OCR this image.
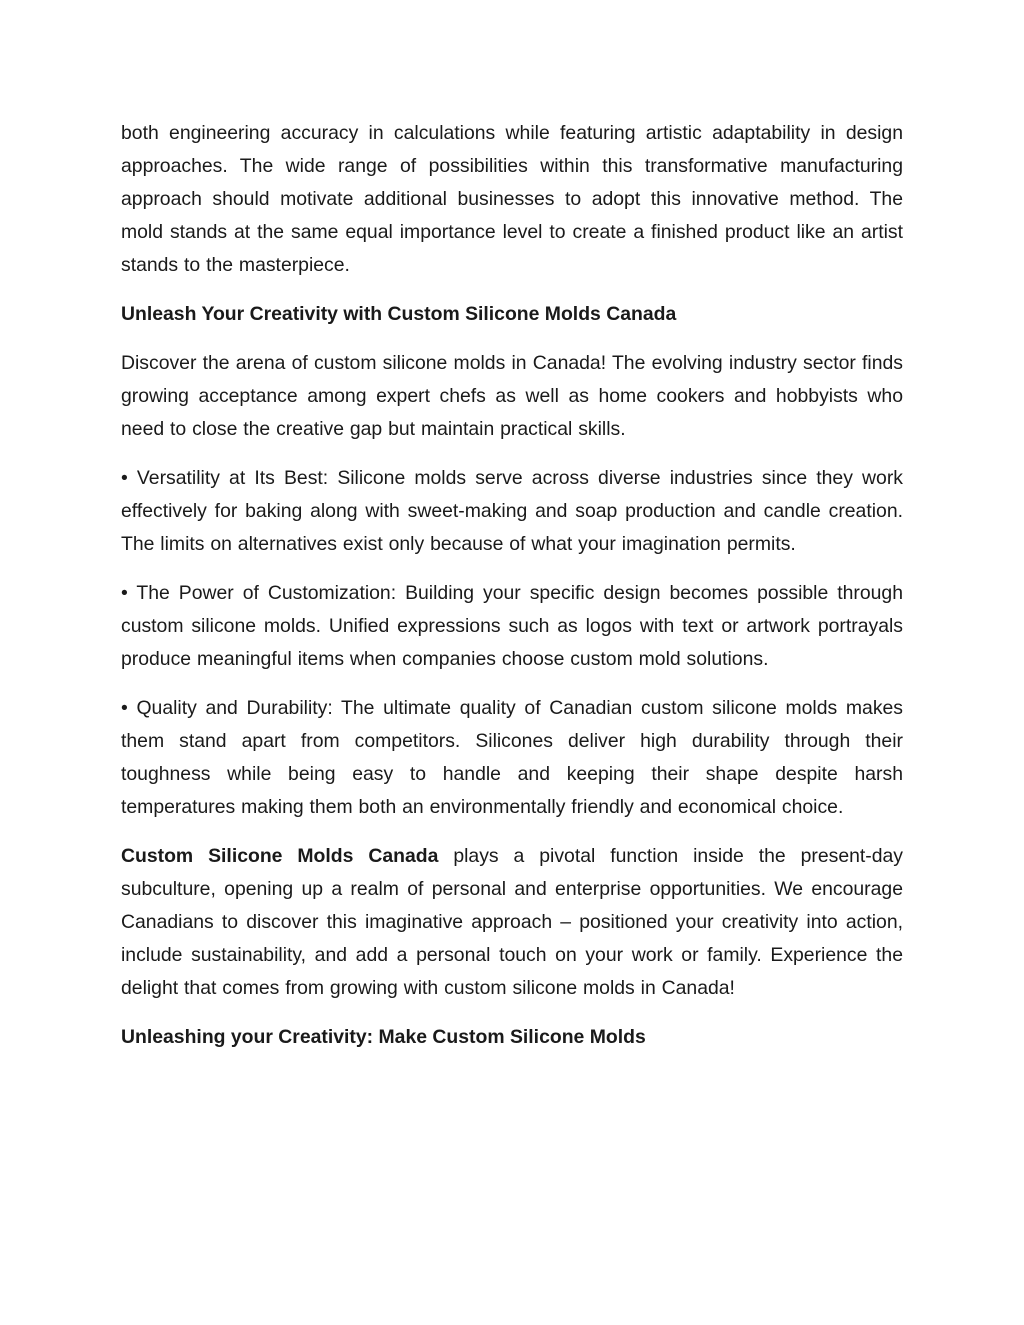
both engineering accuracy in calculations while featuring artistic adaptability in design approaches. The wide range of possibilities within this transformative manufacturing approach should motivate additional businesses to adopt this innovative method. The mold stands at the same equal importance level to create a finished product like an artist stands to the masterpiece.

Unleash Your Creativity with Custom Silicone Molds Canada

Discover the arena of custom silicone molds in Canada! The evolving industry sector finds growing acceptance among expert chefs as well as home cookers and hobbyists who need to close the creative gap but maintain practical skills.

• Versatility at Its Best: Silicone molds serve across diverse industries since they work effectively for baking along with sweet-making and soap production and candle creation. The limits on alternatives exist only because of what your imagination permits.

• The Power of Customization: Building your specific design becomes possible through custom silicone molds. Unified expressions such as logos with text or artwork portrayals produce meaningful items when companies choose custom mold solutions.

• Quality and Durability: The ultimate quality of Canadian custom silicone molds makes them stand apart from competitors. Silicones deliver high durability through their toughness while being easy to handle and keeping their shape despite harsh temperatures making them both an environmentally friendly and economical choice.

Custom Silicone Molds Canada plays a pivotal function inside the present-day subculture, opening up a realm of personal and enterprise opportunities. We encourage Canadians to discover this imaginative approach – positioned your creativity into action, include sustainability, and add a personal touch on your work or family. Experience the delight that comes from growing with custom silicone molds in Canada!

Unleashing your Creativity: Make Custom Silicone Molds
